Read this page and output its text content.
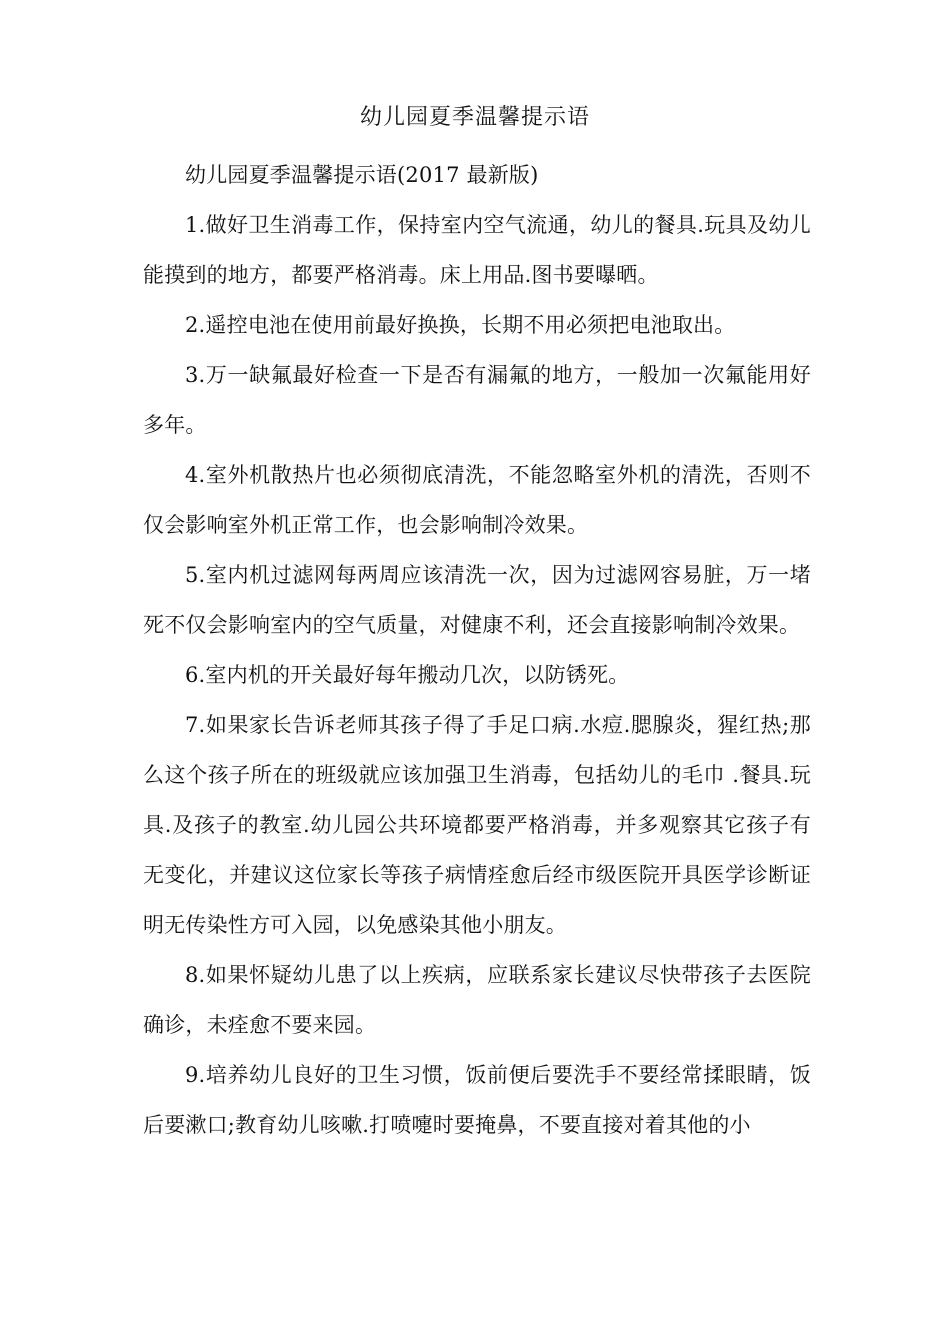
幼儿园夏季温馨提示语

幼儿园夏季温馨提示语(2017 最新版)

1.做好卫生消毒工作，保持室内空气流通，幼儿的餐具.玩具及幼儿能摸到的地方，都要严格消毒。床上用品.图书要曝晒。

2.遥控电池在使用前最好换换，长期不用必须把电池取出。

3.万一缺氟最好检查一下是否有漏氟的地方，一般加一次氟能用好多年。

4.室外机散热片也必须彻底清洗，不能忽略室外机的清洗，否则不仅会影响室外机正常工作，也会影响制冷效果。

5.室内机过滤网每两周应该清洗一次，因为过滤网容易脏，万一堵死不仅会影响室内的空气质量，对健康不利，还会直接影响制冷效果。

6.室内机的开关最好每年搬动几次，以防锈死。

7.如果家长告诉老师其孩子得了手足口病.水痘.腮腺炎，猩红热;那么这个孩子所在的班级就应该加强卫生消毒，包括幼儿的毛巾 .餐具.玩具.及孩子的教室.幼儿园公共环境都要严格消毒，并多观察其它孩子有无变化，并建议这位家长等孩子病情痊愈后经市级医院开具医学诊断证明无传染性方可入园，以免感染其他小朋友。

8.如果怀疑幼儿患了以上疾病，应联系家长建议尽快带孩子去医院确诊，未痊愈不要来园。

9.培养幼儿良好的卫生习惯，饭前便后要洗手不要经常揉眼睛，饭后要漱口;教育幼儿咳嗽.打喷嚏时要掩鼻，不要直接对着其他的小
